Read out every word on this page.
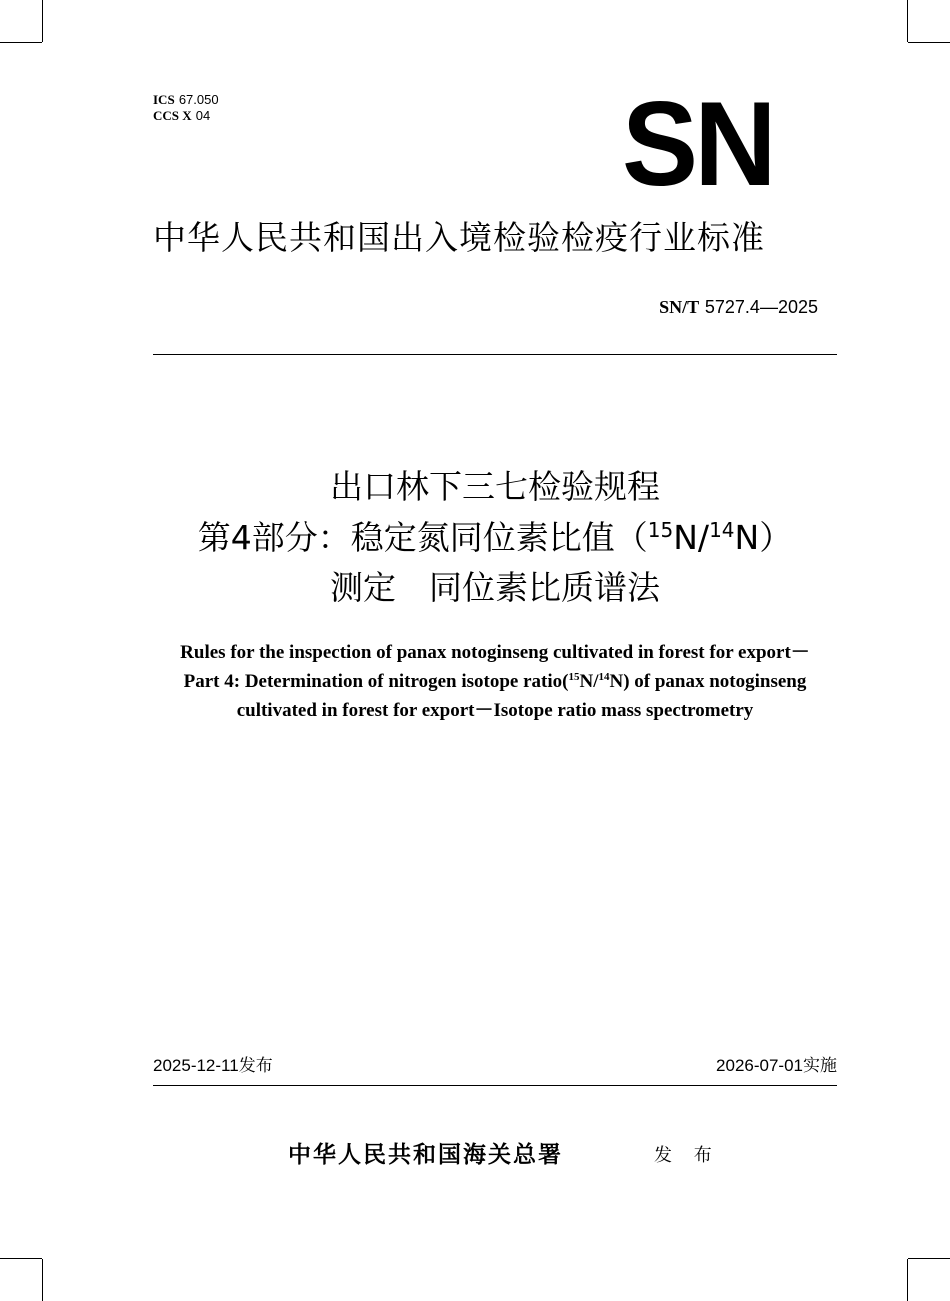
ICS 67.050
CCS X 04	SN
中华人民共和国出入境检验检疫行业标准
SN/T 5727.4—2025
出口林下三七检验规程
第4部分：稳定氮同位素比值（$^{15}$N/$^{14}$N）
测定　同位素比质谱法
Rules for the inspection of panax notoginseng cultivated in forest for export－
Part 4: Determination of nitrogen isotope ratio($^{15}$N/$^{14}$N) of panax notoginseng
cultivated in forest for export－Isotope ratio mass spectrometry
2025-12-11发布	2026-07-01实施
中华人民共和国海关总署	发 布
